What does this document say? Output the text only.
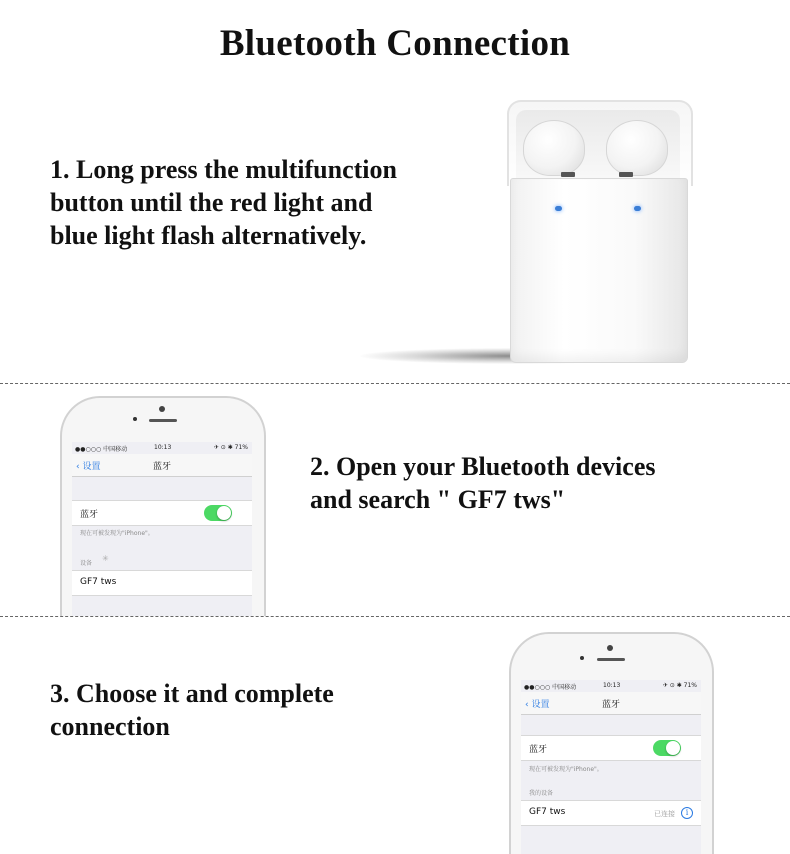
Bluetooth Connection
1. Long press the multifunction
button until the red light and
blue light flash alternatively.
●●○○○ 中国移动	10:13	✈ ⊙ ✱ 71%
‹ 设置	蓝牙
蓝牙
现在可被发现为"iPhone"。
设备
✳
GF7 tws
2. Open your Bluetooth devices
and search " GF7 tws"
3. Choose it and complete
connection
●●○○○ 中国移动	10:13	✈ ⊙ ✱ 71%
‹ 设置	蓝牙
蓝牙
现在可被发现为"iPhone"。
我的设备
GF7 tws	已连接	i
